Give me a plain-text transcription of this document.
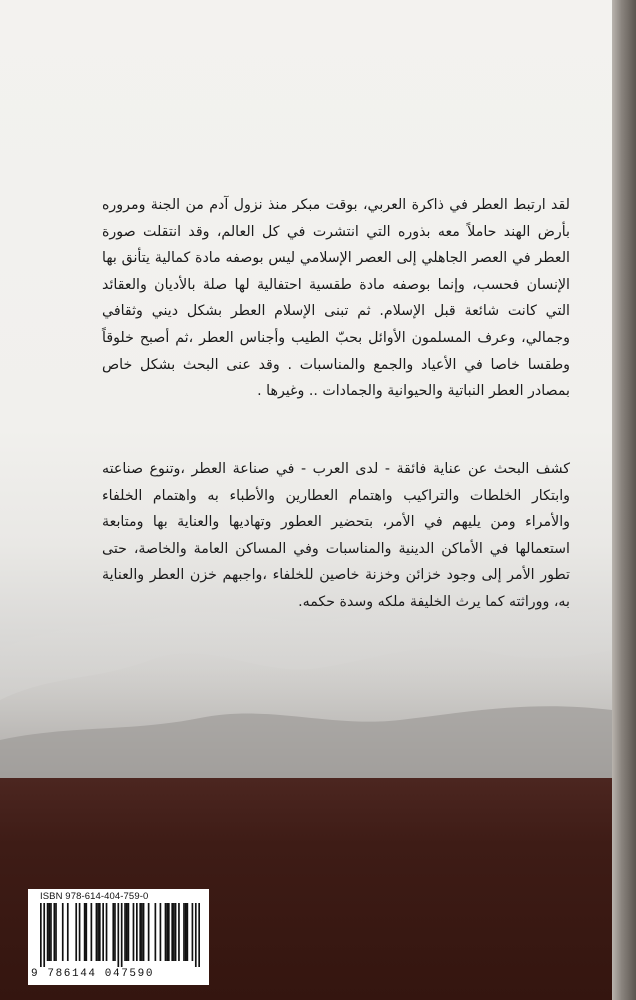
لقد ارتبط العطر في ذاكرة العربي، بوقت مبكر منذ نزول آدم من الجنة ومروره بأرض الهند حاملاً معه بذوره التي انتشرت في كل العالم، وقد انتقلت صورة العطر في العصر الجاهلي إلى العصر الإسلامي ليس بوصفه مادة كمالية يتأنق بها الإنسان فحسب، وإنما بوصفه مادة طقسية احتفالية لها صلة بالأديان والعقائد التي كانت شائعة قبل الإسلام. ثم تبنى الإسلام العطر بشكل ديني وثقافي وجمالي، وعرف المسلمون الأوائل بحبّ الطيب وأجناس العطر ،ثم أصبح خلوقاً وطقسا خاصا في الأعياد والجمع والمناسبات . وقد عنى البحث بشكل خاص بمصادر العطر النباتية والحيوانية والجمادات .. وغيرها .

كشف البحث عن عناية فائقة - لدى العرب - في صناعة العطر ،وتنوع صناعته وابتكار الخلطات والتراكيب واهتمام العطارين والأطباء به واهتمام الخلفاء والأمراء ومن يليهم في الأمر، بتحضير العطور وتهاديها والعناية بها ومتابعة استعمالها في الأماكن الدينية والمناسبات وفي المساكن العامة والخاصة، حتى تطور الأمر إلى وجود خزائن وخزنة خاصين للخلفاء ،واجبهم خزن العطر والعناية به، ووراثته كما يرث الخليفة ملكه وسدة حكمه.

ISBN 978-614-404-759-0
9 786144 047590
